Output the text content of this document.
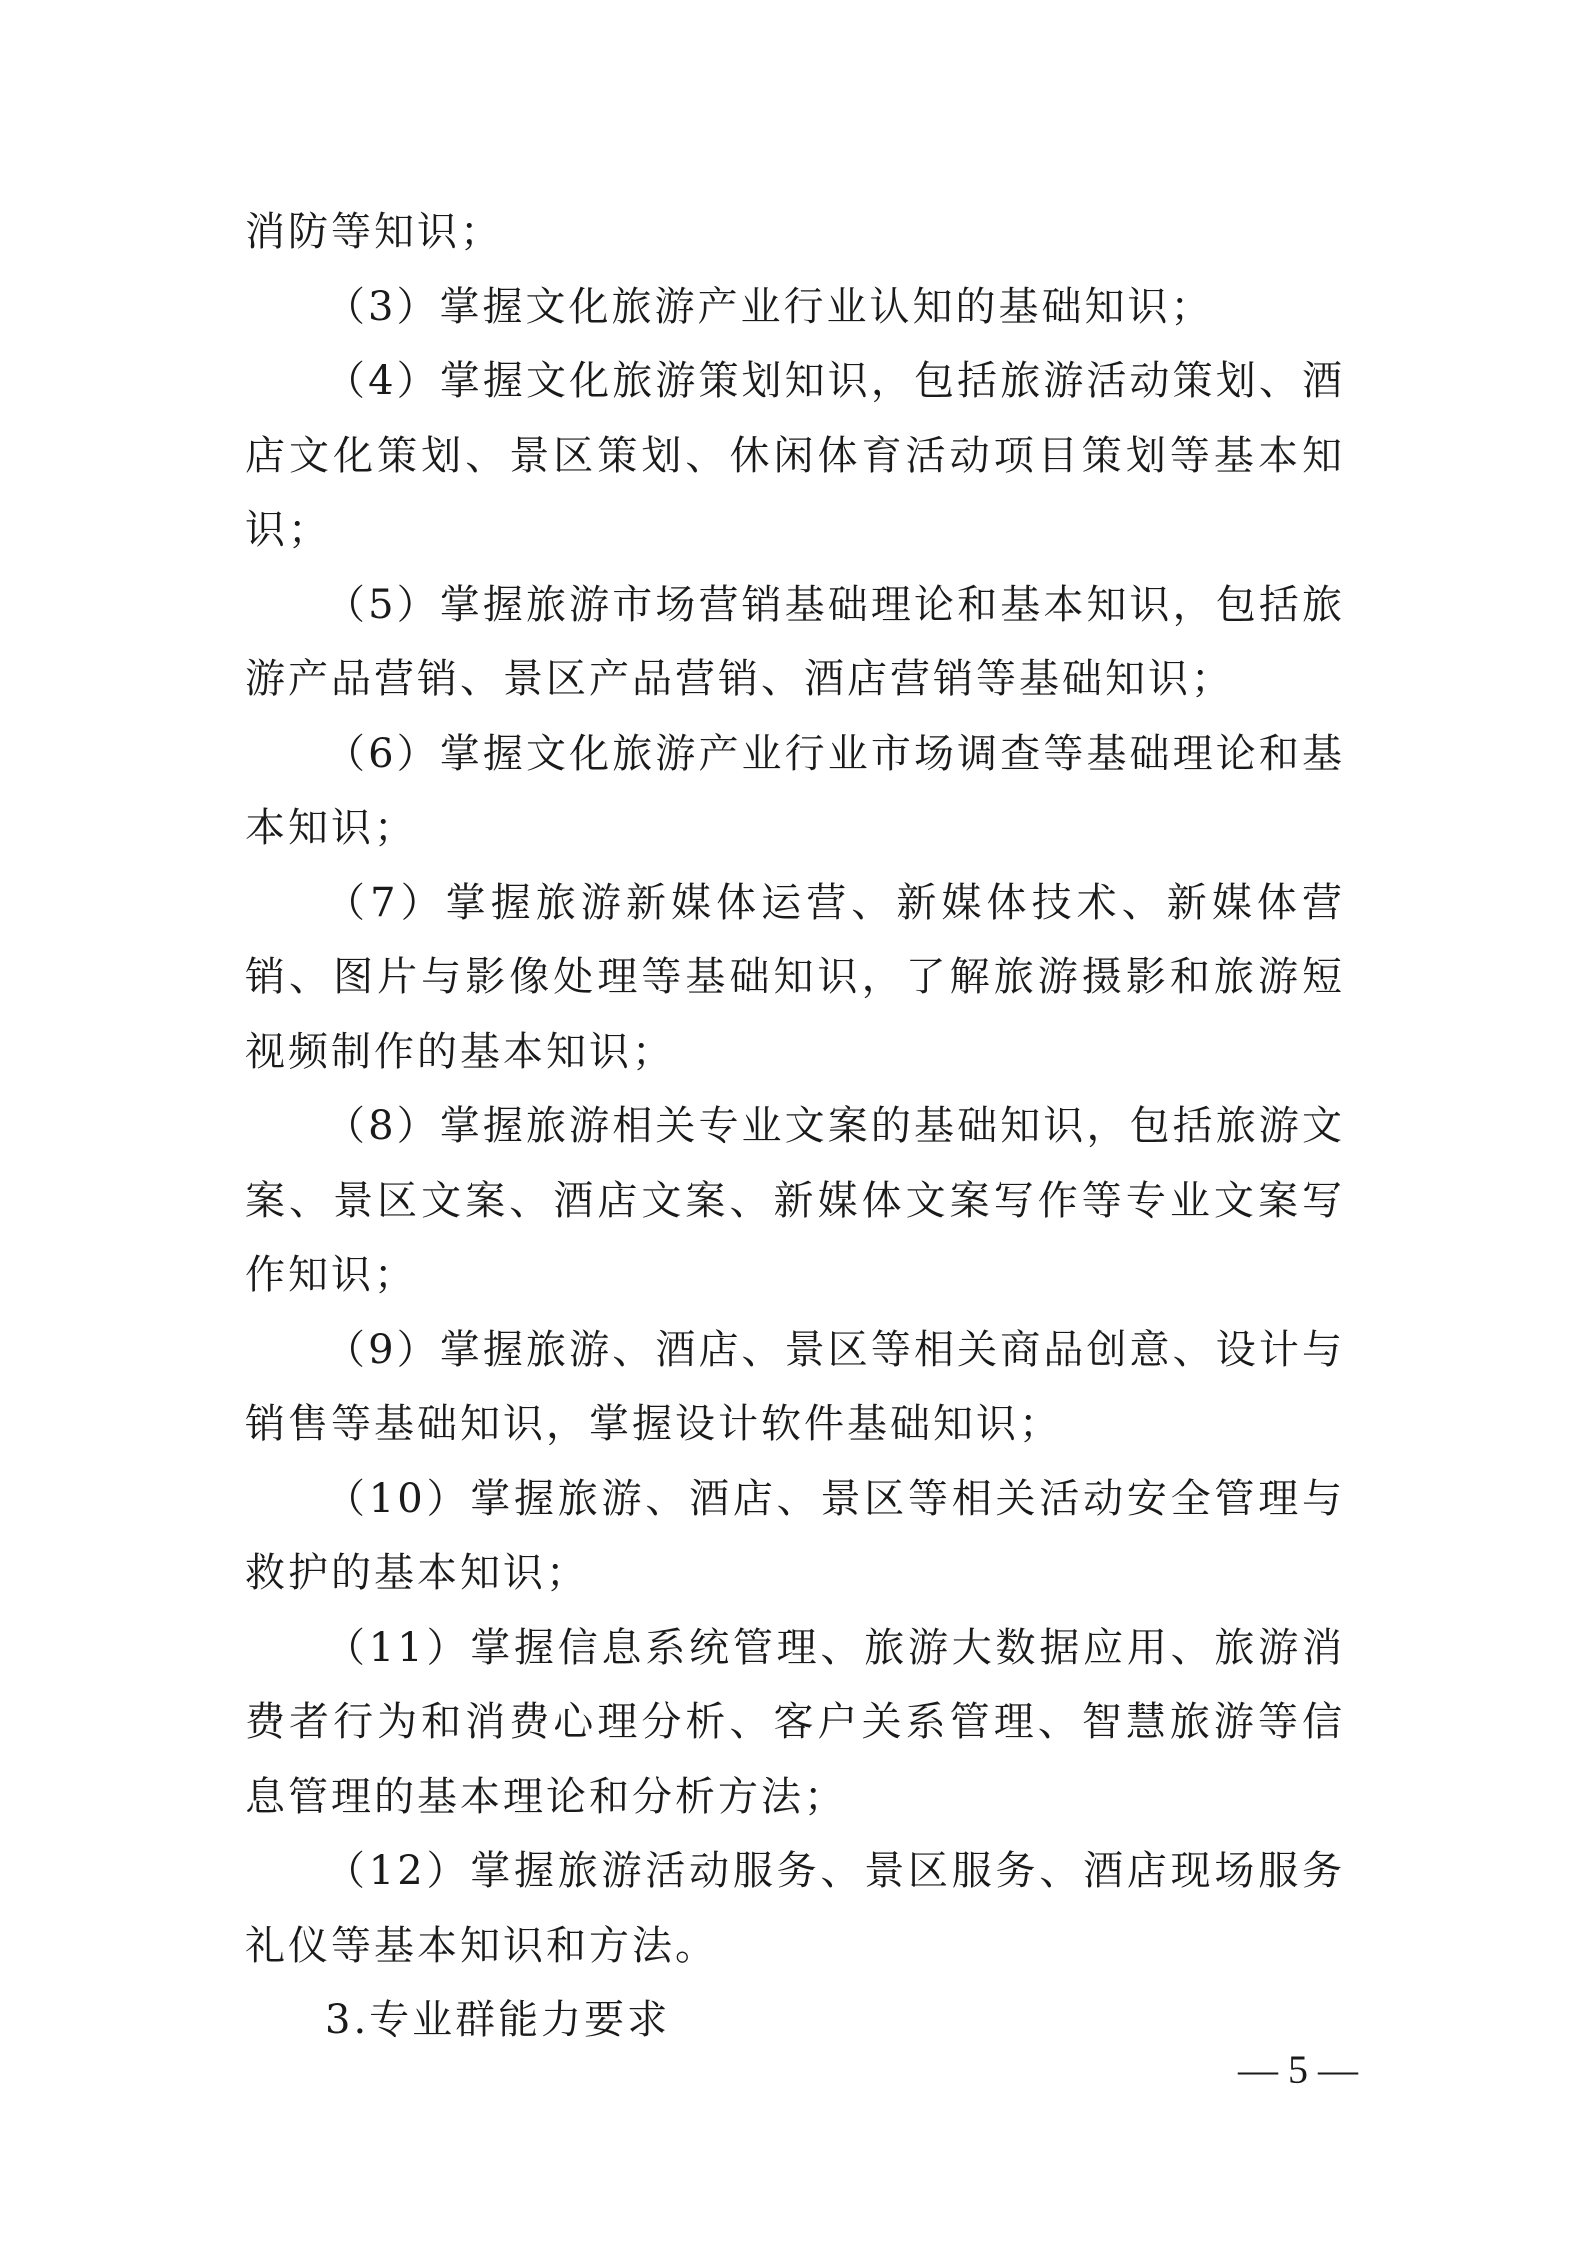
消防等知识；

（3）掌握文化旅游产业行业认知的基础知识；

（4）掌握文化旅游策划知识，包括旅游活动策划、酒店文化策划、景区策划、休闲体育活动项目策划等基本知识；

（5）掌握旅游市场营销基础理论和基本知识，包括旅游产品营销、景区产品营销、酒店营销等基础知识；

（6）掌握文化旅游产业行业市场调查等基础理论和基本知识；

（7）掌握旅游新媒体运营、新媒体技术、新媒体营销、图片与影像处理等基础知识，了解旅游摄影和旅游短视频制作的基本知识；

（8）掌握旅游相关专业文案的基础知识，包括旅游文案、景区文案、酒店文案、新媒体文案写作等专业文案写作知识；

（9）掌握旅游、酒店、景区等相关商品创意、设计与销售等基础知识，掌握设计软件基础知识；

（10）掌握旅游、酒店、景区等相关活动安全管理与救护的基本知识；

（11）掌握信息系统管理、旅游大数据应用、旅游消费者行为和消费心理分析、客户关系管理、智慧旅游等信息管理的基本理论和分析方法；

（12）掌握旅游活动服务、景区服务、酒店现场服务礼仪等基本知识和方法。

3.专业群能力要求

— 5 —
